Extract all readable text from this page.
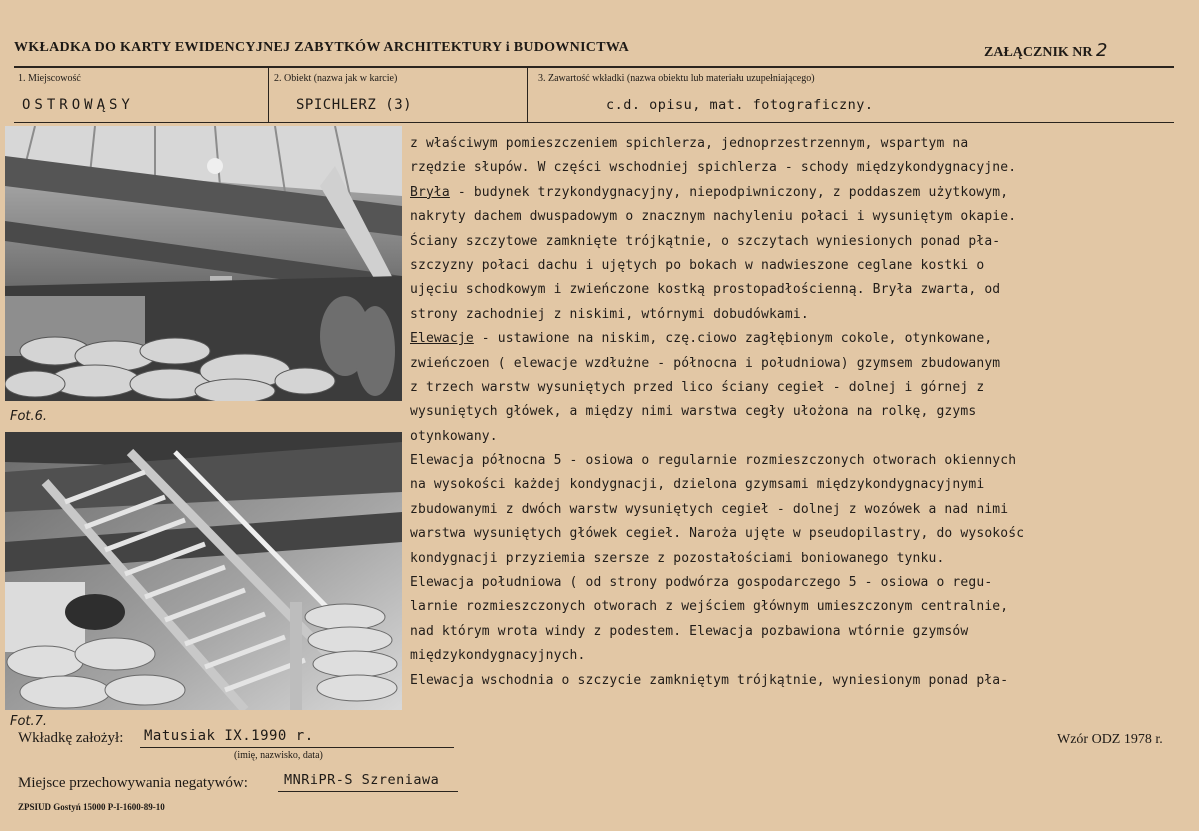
WKŁADKA DO KARTY EWIDENCYJNEJ ZABYTKÓW ARCHITEKTURY i BUDOWNICTWA	ZAŁĄCZNIK NR 2
1. Miejscowość
OSTROWĄSY
2. Obiekt (nazwa jak w karcie)
SPICHLERZ (3)
3. Zawartość wkładki (nazwa obiektu lub materiału uzupełniającego)
c.d. opisu, mat. fotograficzny.
Fot.6.
Fot.7.
z właściwym pomieszczeniem spichlerza, jednoprzestrzennym, wspartym na
rzędzie słupów. W części wschodniej spichlerza - schody międzykondygnacyjne.
Bryła - budynek trzykondygnacyjny, niepodpiwniczony, z poddaszem użytkowym,
nakryty dachem dwuspadowym o znacznym nachyleniu połaci i wysuniętym okapie.
Ściany szczytowe zamknięte trójkątnie, o szczytach wyniesionych ponad pła-
szczyzny połaci dachu i ujętych po bokach w nadwieszone ceglane kostki o
ujęciu schodkowym i zwieńczone kostką prostopadłościenną. Bryła zwarta, od
strony zachodniej z niskimi, wtórnymi dobudówkami.
Elewacje - ustawione na niskim, czę.ciowo zagłębionym cokole, otynkowane,
zwieńczoen ( elewacje wzdłużne - północna i południowa) gzymsem zbudowanym
z trzech warstw wysuniętych przed lico ściany cegieł - dolnej i górnej z
wysuniętych główek, a między nimi warstwa cegły ułożona na rolkę, gzyms
otynkowany.
Elewacja północna 5 - osiowa o regularnie rozmieszczonych otworach okiennych
na wysokości każdej kondygnacji, dzielona gzymsami międzykondygnacyjnymi
zbudowanymi z dwóch warstw wysuniętych cegieł - dolnej z wozówek a nad nimi
warstwa wysuniętych główek cegieł. Naroża ujęte w pseudopilastry, do wysokośc
kondygnacji przyziemia szersze z pozostałościami boniowanego tynku.
Elewacja południowa ( od strony podwórza gospodarczego 5 - osiowa o regu-
larnie rozmieszczonych otworach z wejściem głównym umieszczonym centralnie,
nad którym wrota windy z podestem. Elewacja pozbawiona wtórnie gzymsów
międzykondygnacyjnych.
Elewacja wschodnia o szczycie zamkniętym trójkątnie, wyniesionym ponad pła-
Wkładkę założył: Matusiak IX.1990 r.
(imię, nazwisko, data)
Wzór ODZ 1978 r.
Miejsce przechowywania negatywów:	MNRiPR-S Szreniawa
ZPSIUD Gostyń 15000 P-I-1600-89-10
